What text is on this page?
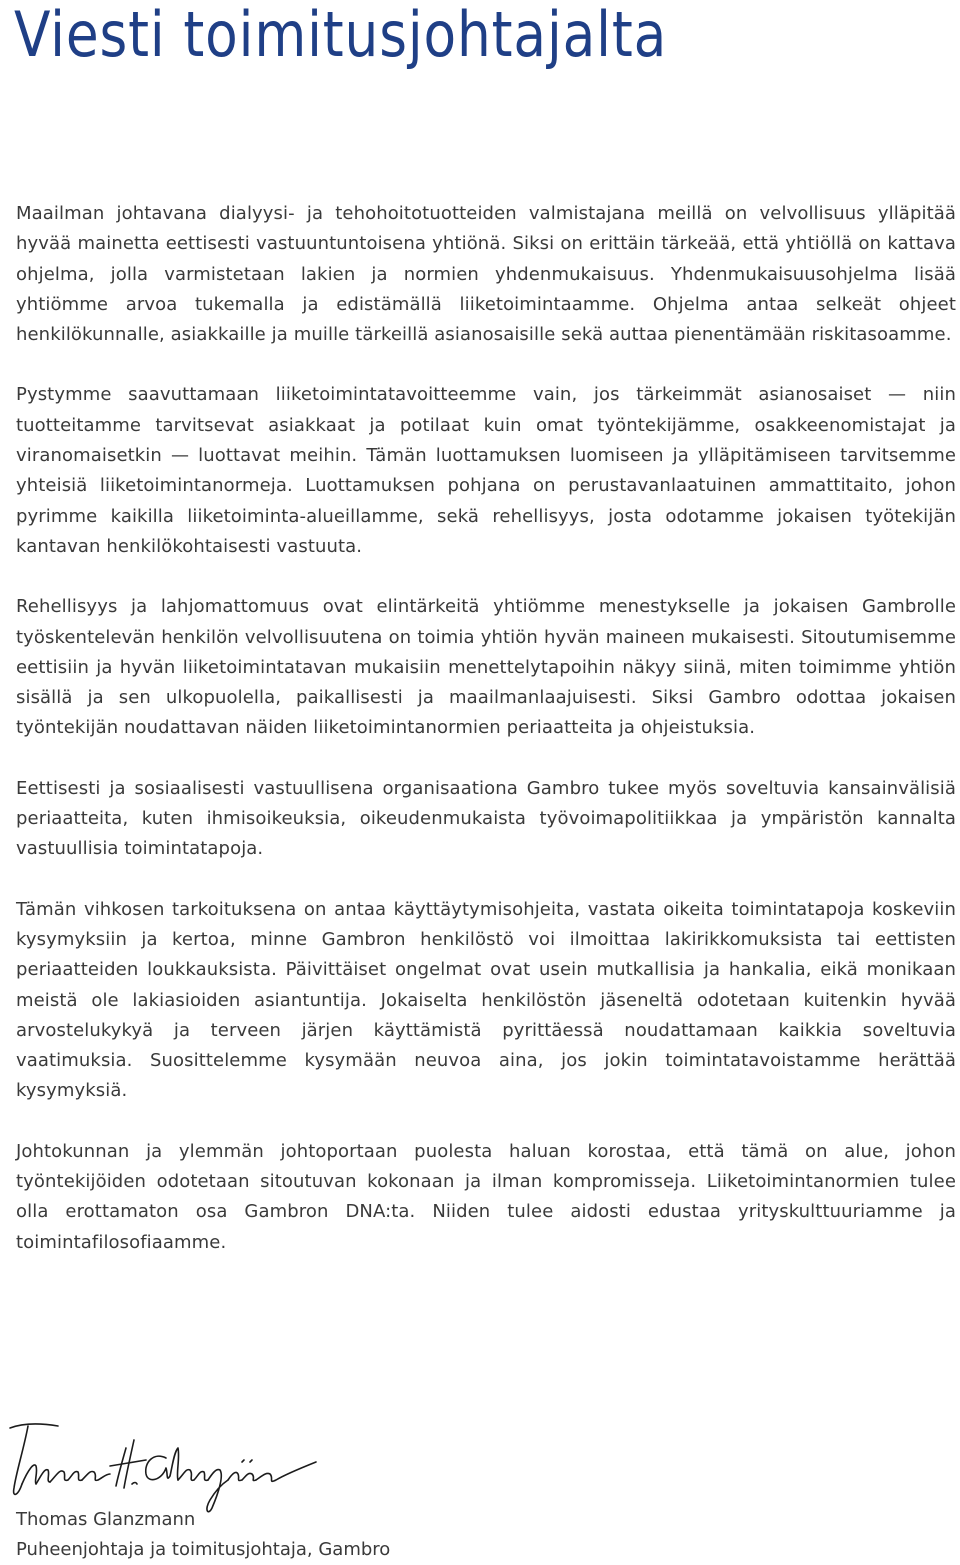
Viesti toimitusjohtajalta

Maailman johtavana dialyysi- ja tehohoitotuotteiden valmistajana meillä on velvollisuus ylläpitää hyvää mainetta eettisesti vastuuntuntoisena yhtiönä. Siksi on erittäin tärkeää, että yhtiöllä on kattava ohjelma, jolla varmistetaan lakien ja normien yhdenmukaisuus. Yhdenmukaisuusohjelma lisää yhtiömme arvoa tukemalla ja edistämällä liiketoimintaamme. Ohjelma antaa selkeät ohjeet henkilökunnalle, asiakkaille ja muille tärkeillä asianosaisille sekä auttaa pienentämään riskitasoamme.

Pystymme saavuttamaan liiketoimintatavoitteemme vain, jos tärkeimmät asianosaiset — niin tuotteitamme tarvitsevat asiakkaat ja potilaat kuin omat työntekijämme, osakkeenomistajat ja viranomaisetkin — luottavat meihin. Tämän luottamuksen luomiseen ja ylläpitämiseen tarvitsemme yhteisiä liiketoimintanormeja. Luottamuksen pohjana on perustavanlaatuinen ammattitaito, johon pyrimme kaikilla liiketoiminta-alueillamme, sekä rehellisyys, josta odotamme jokaisen työtekijän kantavan henkilökohtaisesti vastuuta.

Rehellisyys ja lahjomattomuus ovat elintärkeitä yhtiömme menestykselle ja jokaisen Gambrolle työskentelevän henkilön velvollisuutena on toimia yhtiön hyvän maineen mukaisesti. Sitoutumisemme eettisiin ja hyvän liiketoimintatavan mukaisiin menettelytapoihin näkyy siinä, miten toimimme yhtiön sisällä ja sen ulkopuolella, paikallisesti ja maailmanlaajuisesti. Siksi Gambro odottaa jokaisen työntekijän noudattavan näiden liiketoimintanormien periaatteita ja ohjeistuksia.

Eettisesti ja sosiaalisesti vastuullisena organisaationa Gambro tukee myös soveltuvia kansainvälisiä periaatteita, kuten ihmisoikeuksia, oikeudenmukaista työvoimapolitiikkaa ja ympäristön kannalta vastuullisia toimintatapoja.

Tämän vihkosen tarkoituksena on antaa käyttäytymisohjeita, vastata oikeita toimintatapoja koskeviin kysymyksiin ja kertoa, minne Gambron henkilöstö voi ilmoittaa lakirikkomuksista tai eettisten periaatteiden loukkauksista. Päivittäiset ongelmat ovat usein mutkallisia ja hankalia, eikä monikaan meistä ole lakiasioiden asiantuntija. Jokaiselta henkilöstön jäseneltä odotetaan kuitenkin hyvää arvostelukykyä ja terveen järjen käyttämistä pyrittäessä noudattamaan kaikkia soveltuvia vaatimuksia. Suosittelemme kysymään neuvoa aina, jos jokin toimintatavoistamme herättää kysymyksiä.

Johtokunnan ja ylemmän johtoportaan puolesta haluan korostaa, että tämä on alue, johon työntekijöiden odotetaan sitoutuvan kokonaan ja ilman kompromisseja. Liiketoimintanormien tulee olla erottamaton osa Gambron DNA:ta. Niiden tulee aidosti edustaa yrityskulttuuriamme ja toimintafilosofiaamme.

Thomas Glanzmann

Puheenjohtaja ja toimitusjohtaja, Gambro
